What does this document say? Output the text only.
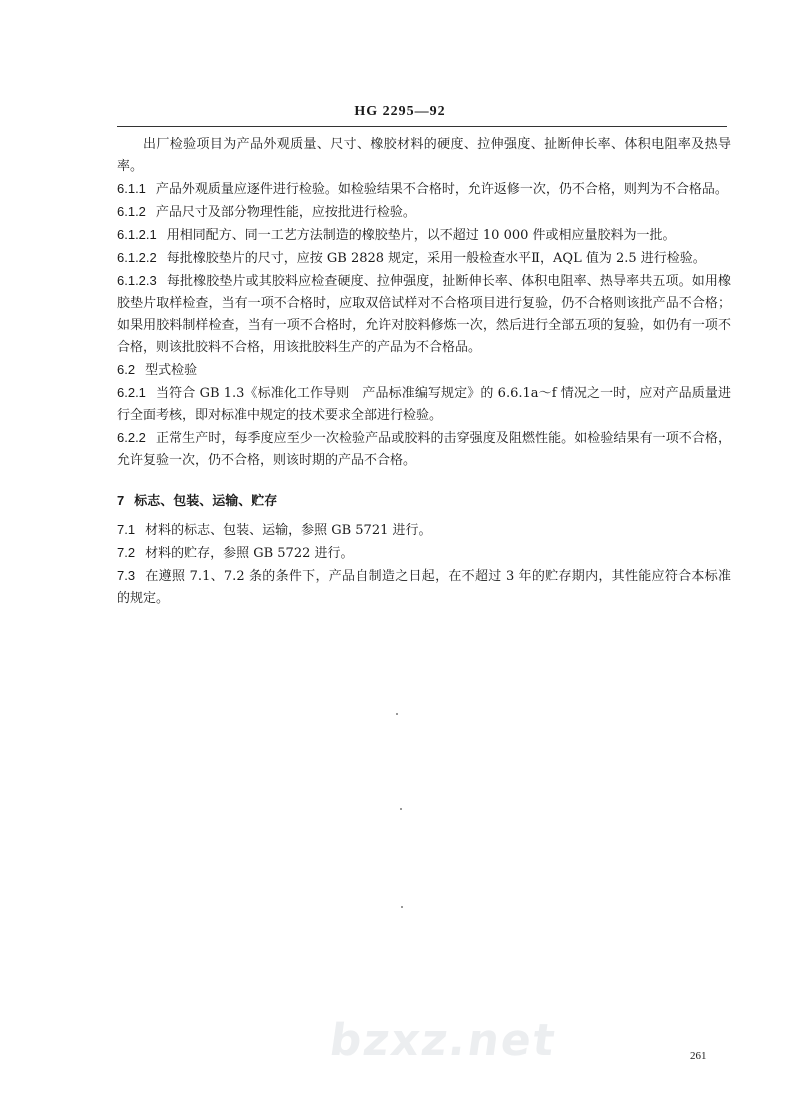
HG 2295—92

出厂检验项目为产品外观质量、尺寸、橡胶材料的硬度、拉伸强度、扯断伸长率、体积电阻率及热导率。

6.1.1 产品外观质量应逐件进行检验。如检验结果不合格时，允许返修一次，仍不合格，则判为不合格品。

6.1.2 产品尺寸及部分物理性能，应按批进行检验。

6.1.2.1 用相同配方、同一工艺方法制造的橡胶垫片，以不超过 10 000 件或相应量胶料为一批。

6.1.2.2 每批橡胶垫片的尺寸，应按 GB 2828 规定，采用一般检查水平Ⅱ，AQL 值为 2.5 进行检验。

6.1.2.3 每批橡胶垫片或其胶料应检查硬度、拉伸强度，扯断伸长率、体积电阻率、热导率共五项。如用橡胶垫片取样检查，当有一项不合格时，应取双倍试样对不合格项目进行复验，仍不合格则该批产品不合格；如果用胶料制样检查，当有一项不合格时，允许对胶料修炼一次，然后进行全部五项的复验，如仍有一项不合格，则该批胶料不合格，用该批胶料生产的产品为不合格品。

6.2 型式检验

6.2.1 当符合 GB 1.3《标准化工作导则　产品标准编写规定》的 6.6.1a～f 情况之一时，应对产品质量进行全面考核，即对标准中规定的技术要求全部进行检验。

6.2.2 正常生产时，每季度应至少一次检验产品或胶料的击穿强度及阻燃性能。如检验结果有一项不合格，允许复验一次，仍不合格，则该时期的产品不合格。

7 标志、包装、运输、贮存

7.1 材料的标志、包装、运输，参照 GB 5721 进行。

7.2 材料的贮存，参照 GB 5722 进行。

7.3 在遵照 7.1、7.2 条的条件下，产品自制造之日起，在不超过 3 年的贮存期内，其性能应符合本标准的规定。

bzxz.net	261
